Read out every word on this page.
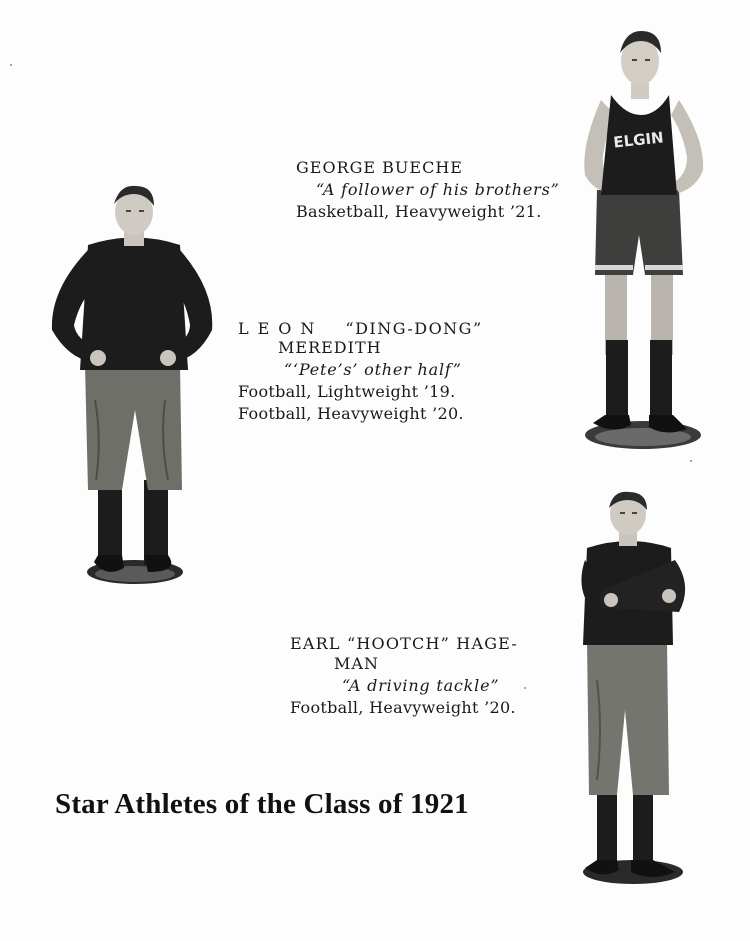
ELGIN
GEORGE BUECHE
“A follower of his brothers”
Basketball, Heavyweight ’21.
LEON “DING-DONG”
MEREDITH
“‘Pete’s’ other half”
Football, Lightweight ’19.
Football, Heavyweight ’20.
EARL “HOOTCH” HAGE-
MAN
“A driving tackle”
Football, Heavyweight ’20.
Star Athletes of the Class of 1921
